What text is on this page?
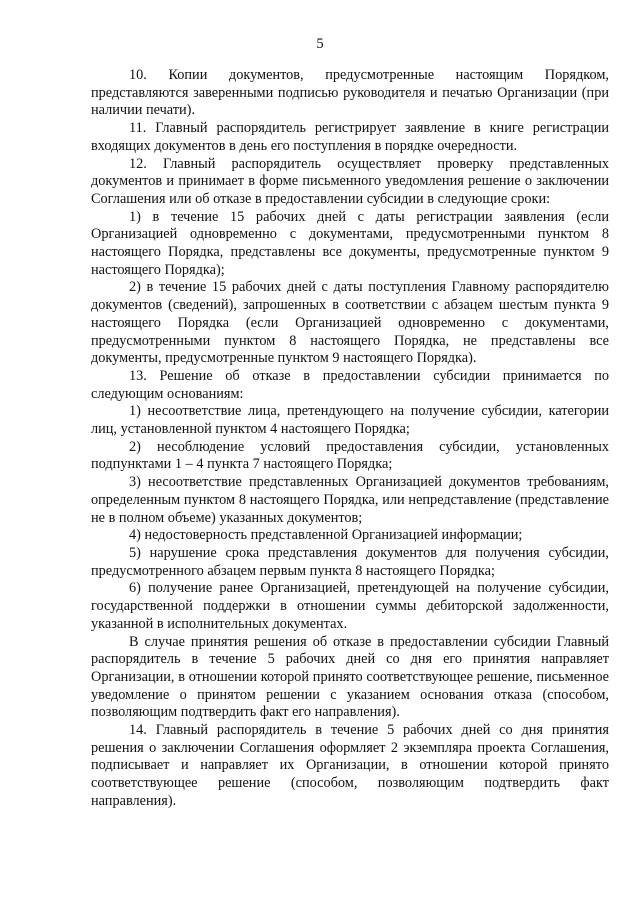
5

10. Копии документов, предусмотренные настоящим Порядком, представляются заверенными подписью руководителя и печатью Организации (при наличии печати).

11. Главный распорядитель регистрирует заявление в книге регистрации входящих документов в день его поступления в порядке очередности.

12. Главный распорядитель осуществляет проверку представленных документов и принимает в форме письменного уведомления решение о заключении Соглашения или об отказе в предоставлении субсидии в следующие сроки:

1) в течение 15 рабочих дней с даты регистрации заявления (если Организацией одновременно с документами, предусмотренными пунктом 8 настоящего Порядка, представлены все документы, предусмотренные пунктом 9 настоящего Порядка);

2) в течение 15 рабочих дней с даты поступления Главному распорядителю документов (сведений), запрошенных в соответствии с абзацем шестым пункта 9 настоящего Порядка (если Организацией одновременно с документами, предусмотренными пунктом 8 настоящего Порядка, не представлены все документы, предусмотренные пунктом 9 настоящего Порядка).

13. Решение об отказе в предоставлении субсидии принимается по следующим основаниям:

1) несоответствие лица, претендующего на получение субсидии, категории лиц, установленной пунктом 4 настоящего Порядка;

2) несоблюдение условий предоставления субсидии, установленных подпунктами 1 – 4 пункта 7 настоящего Порядка;

3) несоответствие представленных Организацией документов требованиям, определенным пунктом 8 настоящего Порядка, или непредставление (представление не в полном объеме) указанных документов;

4) недостоверность представленной Организацией информации;

5) нарушение срока представления документов для получения субсидии, предусмотренного абзацем первым пункта 8 настоящего Порядка;

6) получение ранее Организацией, претендующей на получение субсидии, государственной поддержки в отношении суммы дебиторской задолженности, указанной в исполнительных документах.

В случае принятия решения об отказе в предоставлении субсидии Главный распорядитель в течение 5 рабочих дней со дня его принятия направляет Организации, в отношении которой принято соответствующее решение, письменное уведомление о принятом решении с указанием основания отказа (способом, позволяющим подтвердить факт его направления).

14. Главный распорядитель в течение 5 рабочих дней со дня принятия решения о заключении Соглашения оформляет 2 экземпляра проекта Соглашения, подписывает и направляет их Организации, в отношении которой принято соответствующее решение (способом, позволяющим подтвердить факт направления).
